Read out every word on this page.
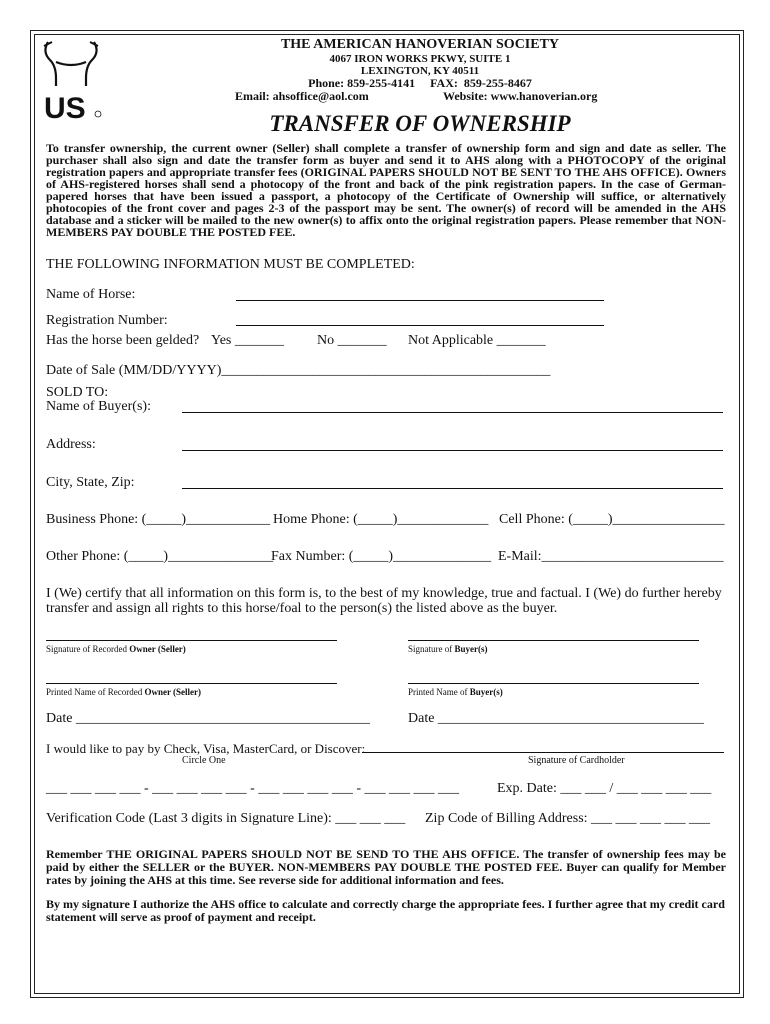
US
THE AMERICAN HANOVERIAN SOCIETY
4067 IRON WORKS PKWY, SUITE 1
LEXINGTON, KY 40511
Phone: 859-255-4141     FAX:  859-255-8467
Email: ahsoffice@aol.com	Website: www.hanoverian.org
TRANSFER OF OWNERSHIP
To transfer ownership, the current owner (Seller) shall complete a transfer of ownership form and sign and date as seller. The purchaser shall also sign and date the transfer form as buyer and send it to AHS along with a PHOTOCOPY of the original registration papers and appropriate transfer fees (ORIGINAL PAPERS SHOULD NOT BE SENT TO THE AHS OFFICE). Owners of AHS-registered horses shall send a photocopy of the front and back of the pink registration papers. In the case of German-papered horses that have been issued a passport, a photocopy of the Certificate of Ownership will suffice, or alternatively photocopies of the front cover and pages 2-3 of the passport may be sent. The owner(s) of record will be amended in the AHS database and a sticker will be mailed to the new owner(s) to affix onto the original registration papers. Please remember that NON-MEMBERS PAY DOUBLE THE POSTED FEE.
THE FOLLOWING INFORMATION MUST BE COMPLETED:
Name of Horse:
Registration Number:
Has the horse been gelded? Yes _______ No _______ Not Applicable _______
Date of Sale (MM/DD/YYYY)_______________________________________________
SOLD TO:
Name of Buyer(s):
Address:
City, State, Zip:
Business Phone: (_____)____________ Home Phone: (_____)_____________ Cell Phone: (_____)________________
Other Phone: (_____)_______________
Fax Number: (_____)______________ E-Mail:__________________________
I (We) certify that all information on this form is, to the best of my knowledge, true and factual. I (We) do further hereby transfer and assign all rights to this horse/foal to the person(s) the listed above as the buyer.
Signature of Recorded Owner (Seller)	Signature of Buyer(s)
Printed Name of Recorded Owner (Seller)	Printed Name of Buyer(s)
Date __________________________________________	Date ______________________________________
I would like to pay by Check, Visa, MasterCard, or Discover:
Circle One	Signature of Cardholder
___ ___ ___ ___ - ___ ___ ___ ___ - ___ ___ ___ ___ - ___ ___ ___ ___	Exp. Date: ___ ___ / ___ ___ ___ ___
Verification Code (Last 3 digits in Signature Line): ___ ___ ___ Zip Code of Billing Address: ___ ___ ___ ___ ___
Remember THE ORIGINAL PAPERS SHOULD NOT BE SEND TO THE AHS OFFICE. The transfer of ownership fees may be paid by either the SELLER or the BUYER. NON-MEMBERS PAY DOUBLE THE POSTED FEE. Buyer can qualify for Member rates by joining the AHS at this time. See reverse side for additional information and fees.
By my signature I authorize the AHS office to calculate and correctly charge the appropriate fees. I further agree that my credit card statement will serve as proof of payment and receipt.
